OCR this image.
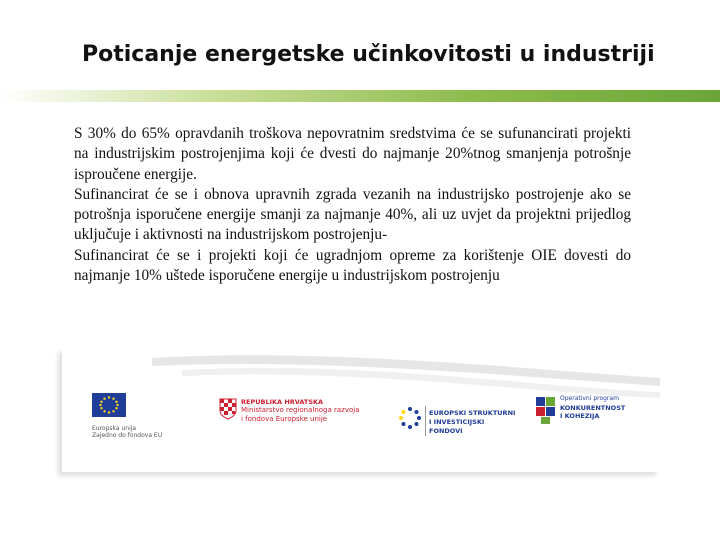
Poticanje energetske učinkovitosti u industriji

S 30% do 65% opravdanih troškova nepovratnim sredstvima će se sufunancirati projekti na industrijskim postrojenjima koji će dvesti do najmanje 20%tnog smanjenja potrošnje isproučene energije.

Sufinancirat će se i obnova upravnih zgrada vezanih na industrijsko postrojenje ako se potrošnja isporučene energije smanji za najmanje 40%, ali uz uvjet da projektni prijedlog uključuje i aktivnosti na industrijskom postrojenju-

Sufinancirat će se i projekti koji će ugradnjom opreme za korištenje OIE dovesti do najmanje 10% uštede isporučene energije u industrijskom postrojenju

Europska unija
Zajedno do fondova EU
REPUBLIKA HRVATSKA
Ministarstvo regionalnoga razvoja
i fondova Europske unije
EUROPSKI STRUKTURNI
I INVESTICIJSKI FONDOVI
Operativni program
KONKURENTNOST
I KOHEZIJA
